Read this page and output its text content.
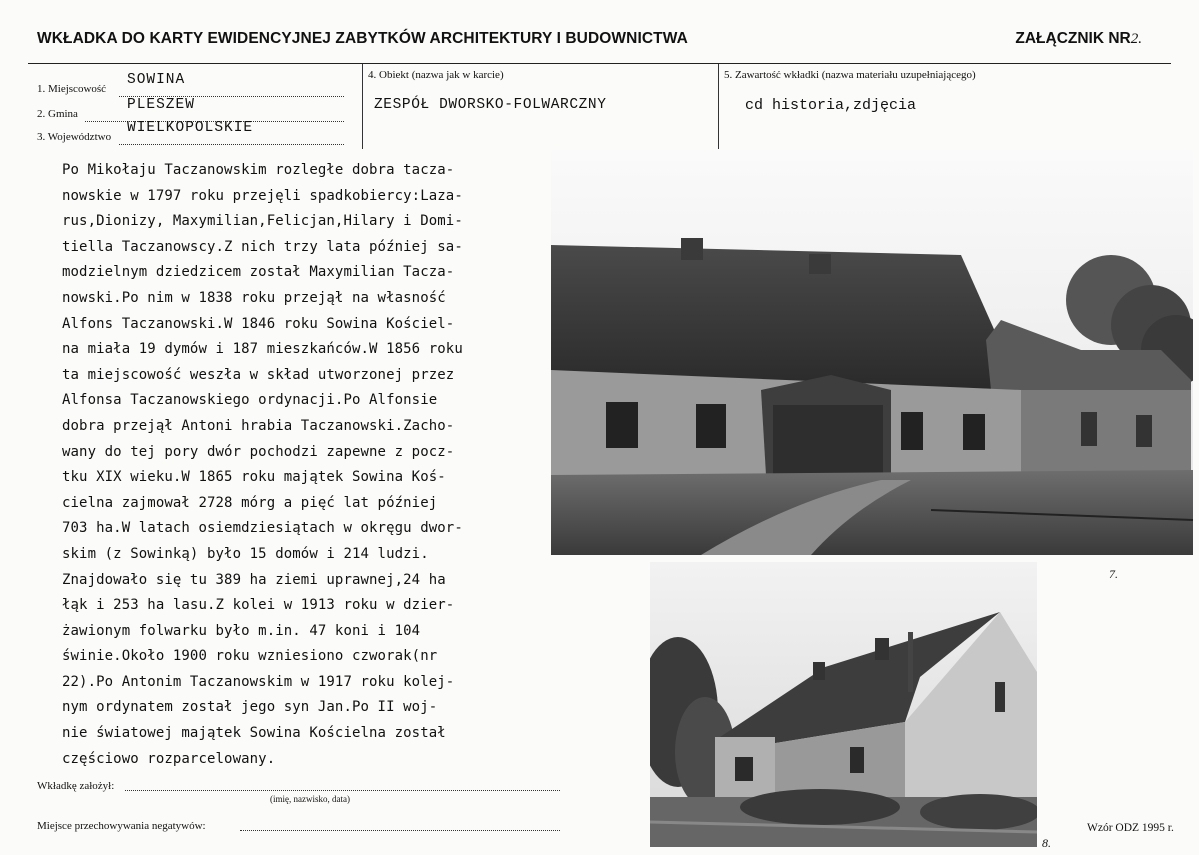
WKŁADKA DO KARTY EWIDENCYJNEJ ZABYTKÓW ARCHITEKTURY I BUDOWNICTWA	ZAŁĄCZNIK NR2.
1. Miejscowość
SOWINA
2. Gmina
PLESZEW
3. Województwo
WIELKOPOLSKIE
4. Obiekt (nazwa jak w karcie)
ZESPÓŁ DWORSKO-FOLWARCZNY
5. Zawartość wkładki (nazwa materiału uzupełniającego)
cd historia,zdjęcia
Po Mikołaju Taczanowskim rozległe dobra tacza-
nowskie w 1797 roku przejęli spadkobiercy:Laza-
rus,Dionizy, Maxymilian,Felicjan,Hilary i Domi-
tiella Taczanowscy.Z nich trzy lata później sa-
modzielnym dziedzicem został Maxymilian Tacza-
nowski.Po nim w 1838 roku przejął na własność
Alfons Taczanowski.W 1846 roku Sowina Kościel-
na miała 19 dymów i 187 mieszkańców.W 1856 roku
ta miejscowość weszła w skład utworzonej przez
Alfonsa Taczanowskiego ordynacji.Po Alfonsie
dobra przejął Antoni hrabia Taczanowski.Zacho-
wany do tej pory dwór pochodzi zapewne z pocz-
tku XIX wieku.W 1865 roku majątek Sowina Koś-
cielna zajmował 2728 mórg a pięć lat później
703 ha.W latach osiemdziesiątach w okręgu dwor-
skim (z Sowinką) było 15 domów i 214 ludzi.
Znajdowało się tu 389 ha ziemi uprawnej,24 ha
łąk i 253 ha lasu.Z kolei w 1913 roku w dzier-
żawionym folwarku było m.in. 47 koni i 104
świnie.Około 1900 roku wzniesiono czworak(nr
22).Po Antonim Taczanowskim w 1917 roku kolej-
nym ordynatem został jego syn Jan.Po II woj-
nie światowej majątek Sowina Kościelna został
częściowo rozparcelowany.
7.
8.
Wkładkę założył:
(imię, nazwisko, data)
Miejsce przechowywania negatywów:	Wzór ODZ 1995 r.
